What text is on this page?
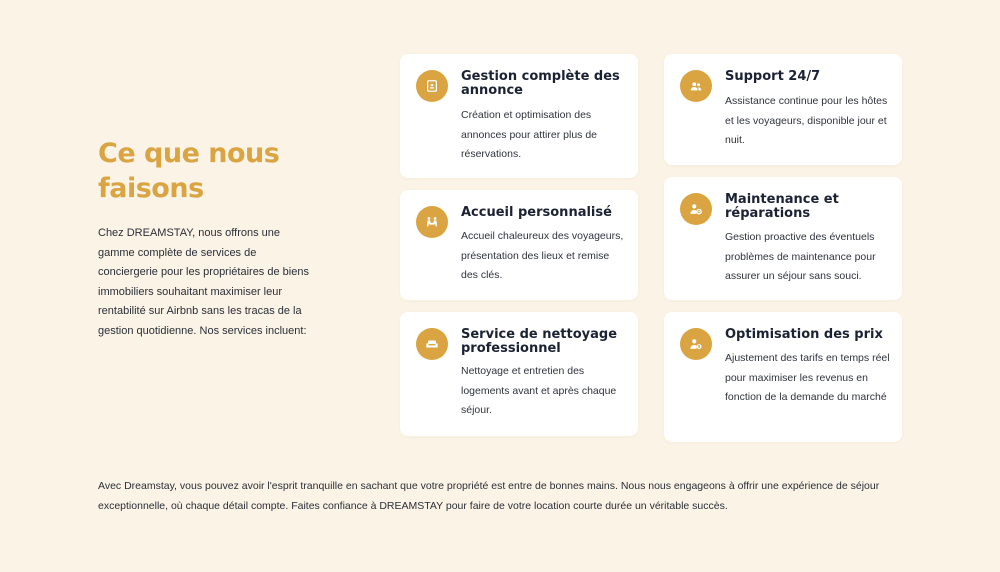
Ce que nous
faisons

Chez DREAMSTAY, nous offrons une gamme complète de services de conciergerie pour les propriétaires de biens immobiliers souhaitant maximiser leur rentabilité sur Airbnb sans les tracas de la gestion quotidienne. Nos services incluent:

Gestion complète des annonce

Création et optimisation des annonces pour attirer plus de réservations.

Support 24/7

Assistance continue pour les hôtes et les voyageurs, disponible jour et nuit.

Accueil personnalisé

Accueil chaleureux des voyageurs, présentation des lieux et remise des clés.

Maintenance et réparations

Gestion proactive des éventuels problèmes de maintenance pour assurer un séjour sans souci.

Service de nettoyage professionnel

Nettoyage et entretien des logements avant et après chaque séjour.

$
Optimisation des prix

Ajustement des tarifs en temps réel pour maximiser les revenus en fonction de la demande du marché

Avec Dreamstay, vous pouvez avoir l'esprit tranquille en sachant que votre propriété est entre de bonnes mains. Nous nous engageons à offrir une expérience de séjour exceptionnelle, où chaque détail compte. Faites confiance à DREAMSTAY pour faire de votre location courte durée un véritable succès.
